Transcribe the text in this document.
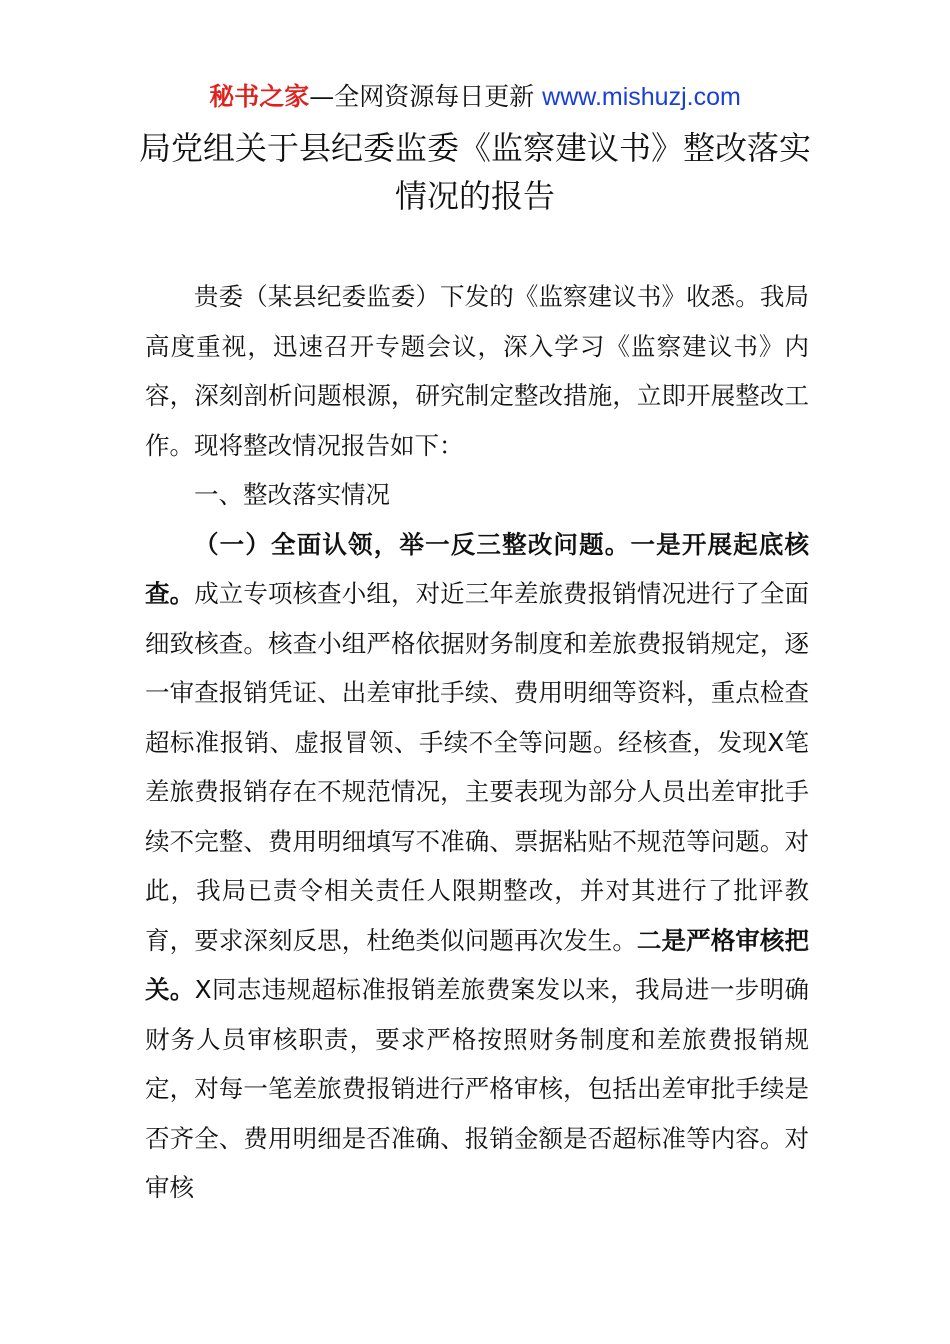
秘书之家—全网资源每日更新 www.mishuzj.com
局党组关于县纪委监委《监察建议书》整改落实情况的报告

贵委（某县纪委监委）下发的《监察建议书》收悉。我局高度重视，迅速召开专题会议，深入学习《监察建议书》内容，深刻剖析问题根源，研究制定整改措施，立即开展整改工作。现将整改情况报告如下：

一、整改落实情况

（一）全面认领，举一反三整改问题。一是开展起底核查。成立专项核查小组，对近三年差旅费报销情况进行了全面细致核查。核查小组严格依据财务制度和差旅费报销规定，逐一审查报销凭证、出差审批手续、费用明细等资料，重点检查超标准报销、虚报冒领、手续不全等问题。经核查，发现X笔差旅费报销存在不规范情况，主要表现为部分人员出差审批手续不完整、费用明细填写不准确、票据粘贴不规范等问题。对此，我局已责令相关责任人限期整改，并对其进行了批评教育，要求深刻反思，杜绝类似问题再次发生。二是严格审核把关。X同志违规超标准报销差旅费案发以来，我局进一步明确财务人员审核职责，要求严格按照财务制度和差旅费报销规定，对每一笔差旅费报销进行严格审核，包括出差审批手续是否齐全、费用明细是否准确、报销金额是否超标准等内容。对审核
